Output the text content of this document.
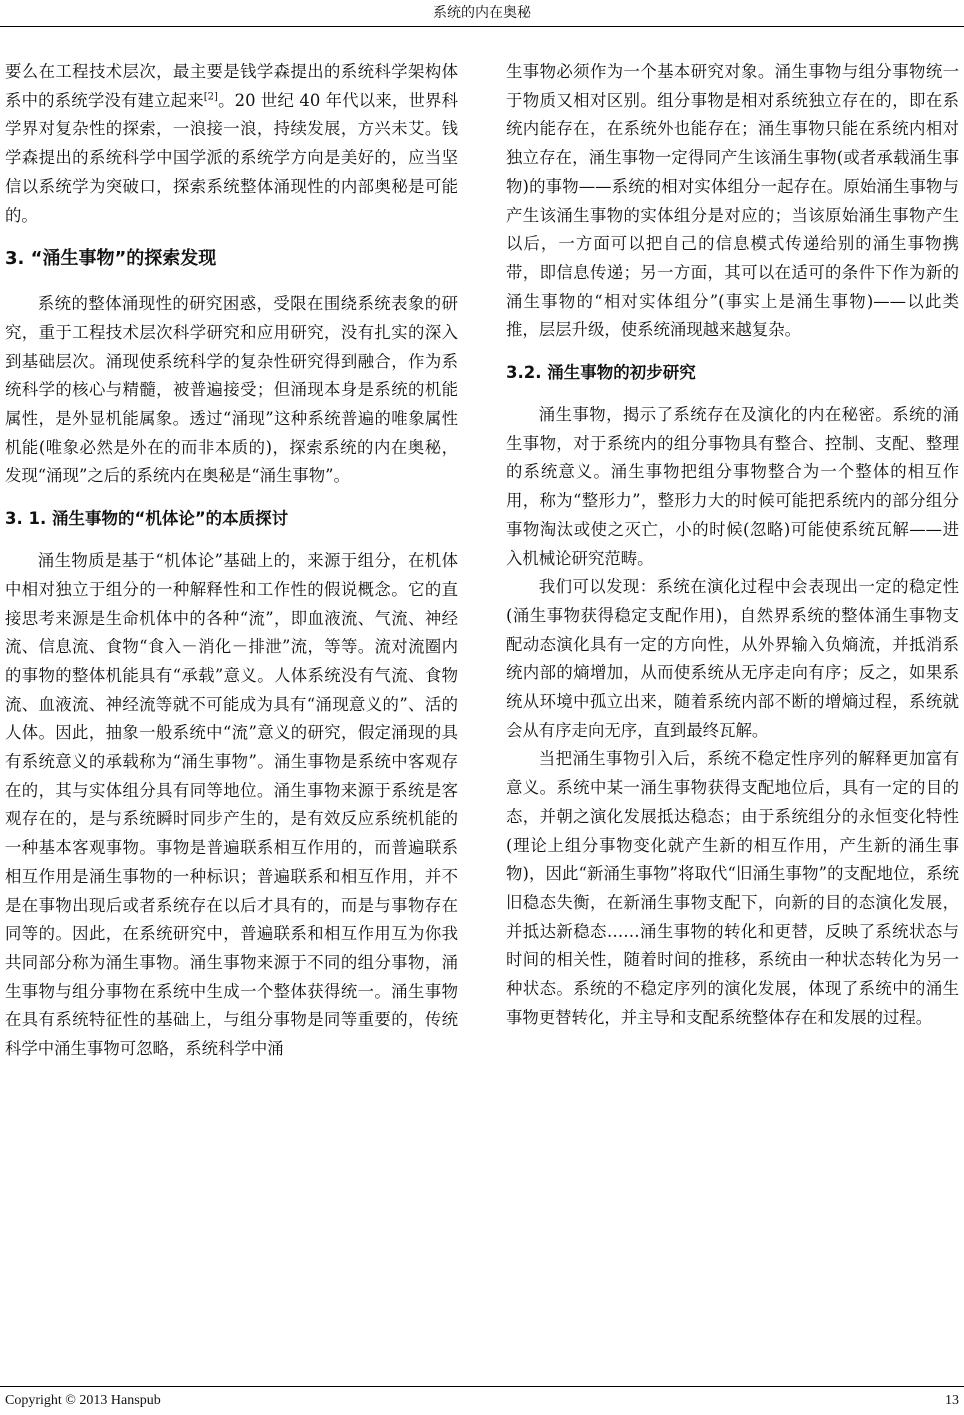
系统的内在奥秘

要么在工程技术层次，最主要是钱学森提出的系统科学架构体系中的系统学没有建立起来[2]。20 世纪 40 年代以来，世界科学界对复杂性的探索，一浪接一浪，持续发展，方兴未艾。钱学森提出的系统科学中国学派的系统学方向是美好的，应当坚信以系统学为突破口，探索系统整体涌现性的内部奥秘是可能的。

3. “涌生事物”的探索发现

系统的整体涌现性的研究困惑，受限在围绕系统表象的研究，重于工程技术层次科学研究和应用研究，没有扎实的深入到基础层次。涌现使系统科学的复杂性研究得到融合，作为系统科学的核心与精髓，被普遍接受；但涌现本身是系统的机能属性，是外显机能属象。透过“涌现”这种系统普遍的唯象属性机能(唯象必然是外在的而非本质的)，探索系统的内在奥秘，发现“涌现”之后的系统内在奥秘是“涌生事物”。

3. 1. 涌生事物的“机体论”的本质探讨

涌生物质是基于“机体论”基础上的，来源于组分，在机体中相对独立于组分的一种解释性和工作性的假说概念。它的直接思考来源是生命机体中的各种“流”，即血液流、气流、神经流、信息流、食物“食入－消化－排泄”流，等等。流对流圈内的事物的整体机能具有“承载”意义。人体系统没有气流、食物流、血液流、神经流等就不可能成为具有“涌现意义的”、活的人体。因此，抽象一般系统中“流”意义的研究，假定涌现的具有系统意义的承载称为“涌生事物”。涌生事物是系统中客观存在的，其与实体组分具有同等地位。涌生事物来源于系统是客观存在的，是与系统瞬时同步产生的，是有效反应系统机能的一种基本客观事物。事物是普遍联系相互作用的，而普遍联系相互作用是涌生事物的一种标识；普遍联系和相互作用，并不是在事物出现后或者系统存在以后才具有的，而是与事物存在同等的。因此，在系统研究中，普遍联系和相互作用互为你我共同部分称为涌生事物。涌生事物来源于不同的组分事物，涌生事物与组分事物在系统中生成一个整体获得统一。涌生事物在具有系统特征性的基础上，与组分事物是同等重要的，传统科学中涌生事物可忽略，系统科学中涌

生事物必须作为一个基本研究对象。涌生事物与组分事物统一于物质又相对区别。组分事物是相对系统独立存在的，即在系统内能存在，在系统外也能存在；涌生事物只能在系统内相对独立存在，涌生事物一定得同产生该涌生事物(或者承载涌生事物)的事物——系统的相对实体组分一起存在。原始涌生事物与产生该涌生事物的实体组分是对应的；当该原始涌生事物产生以后，一方面可以把自己的信息模式传递给别的涌生事物携带，即信息传递；另一方面，其可以在适可的条件下作为新的涌生事物的“相对实体组分”(事实上是涌生事物)——以此类推，层层升级，使系统涌现越来越复杂。

3.2. 涌生事物的初步研究

涌生事物，揭示了系统存在及演化的内在秘密。系统的涌生事物，对于系统内的组分事物具有整合、控制、支配、整理的系统意义。涌生事物把组分事物整合为一个整体的相互作用，称为“整形力”，整形力大的时候可能把系统内的部分组分事物淘汰或使之灭亡，小的时候(忽略)可能使系统瓦解——进入机械论研究范畴。

我们可以发现：系统在演化过程中会表现出一定的稳定性(涌生事物获得稳定支配作用)，自然界系统的整体涌生事物支配动态演化具有一定的方向性，从外界输入负熵流，并抵消系统内部的熵增加，从而使系统从无序走向有序；反之，如果系统从环境中孤立出来，随着系统内部不断的增熵过程，系统就会从有序走向无序，直到最终瓦解。

当把涌生事物引入后，系统不稳定性序列的解释更加富有意义。系统中某一涌生事物获得支配地位后，具有一定的目的态，并朝之演化发展抵达稳态；由于系统组分的永恒变化特性(理论上组分事物变化就产生新的相互作用，产生新的涌生事物)，因此“新涌生事物”将取代“旧涌生事物”的支配地位，系统旧稳态失衡，在新涌生事物支配下，向新的目的态演化发展，并抵达新稳态……涌生事物的转化和更替，反映了系统状态与时间的相关性，随着时间的推移，系统由一种状态转化为另一种状态。系统的不稳定序列的演化发展，体现了系统中的涌生事物更替转化，并主导和支配系统整体存在和发展的过程。

Copyright © 2013 Hanspub	13
